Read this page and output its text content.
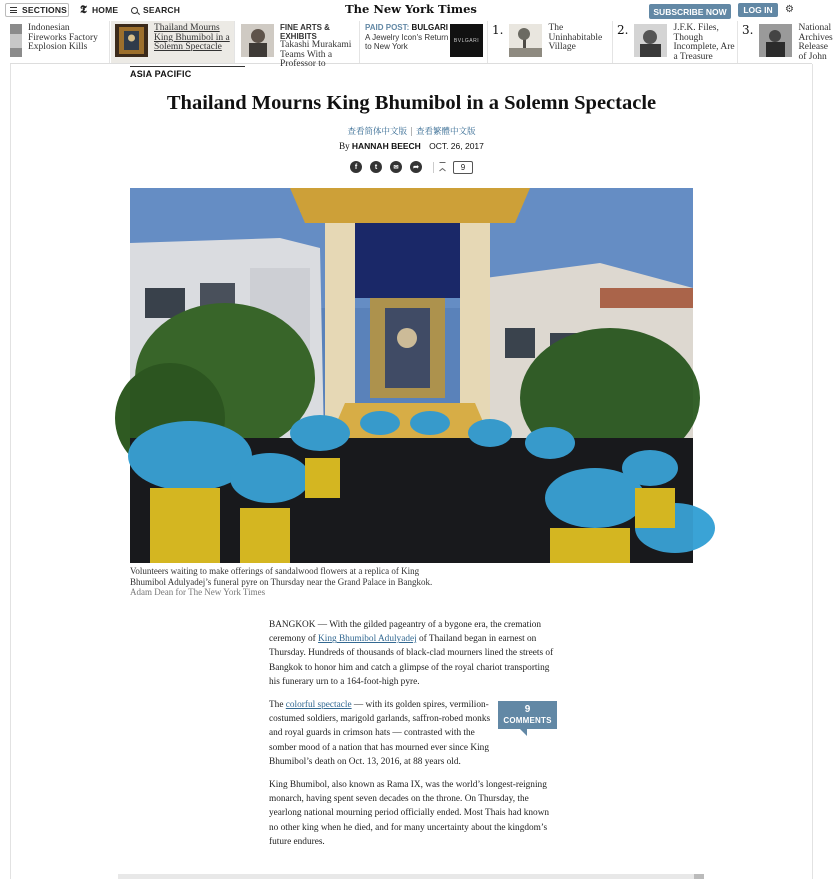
SECTIONS 𝕿 HOME	SEARCH	The New York Times	SUBSCRIBE NOW	LOG IN	⚙
Indonesian Fireworks Factory Explosion Kills
Thailand Mourns King Bhumibol in a Solemn Spectacle
FINE ARTS & EXHIBITS
Takashi Murakami Teams With a Professor to
PAID POST: BULGARI
A Jewelry Icon's Return to New York
BVLGARI
1.	The Uninhabitable Village
2.	J.F.K. Files, Though Incomplete, Are a Treasure
3.	National Archives Release of John
ASIA PACIFIC
Thailand Mourns King Bhumibol in a Solemn Spectacle
查看简体中文版 | 查看繁體中文版
By HANNAH BEECH OCT. 26, 2017
f	t	✉	➦	9
Volunteers waiting to make offerings of sandalwood flowers at a replica of King Bhumibol Adulyadej’s funeral pyre on Thursday near the Grand Palace in Bangkok. Adam Dean for The New York Times

BANGKOK — With the gilded pageantry of a bygone era, the cremation ceremony of King Bhumibol Adulyadej of Thailand began in earnest on Thursday. Hundreds of thousands of black-clad mourners lined the streets of Bangkok to honor him and catch a glimpse of the royal chariot transporting his funerary urn to a 164-foot-high pyre.

The colorful spectacle — with its golden spires, vermilion-costumed soldiers, marigold garlands, saffron-robed monks and royal guards in crimson hats — contrasted with the somber mood of a nation that has mourned ever since King Bhumibol’s death on Oct. 13, 2016, at 88 years old.

King Bhumibol, also known as Rama IX, was the world’s longest-reigning monarch, having spent seven decades on the throne. On Thursday, the yearlong national mourning period officially ended. Most Thais had known no other king when he died, and for many uncertainty about the kingdom’s future endures.

9
COMMENTS
